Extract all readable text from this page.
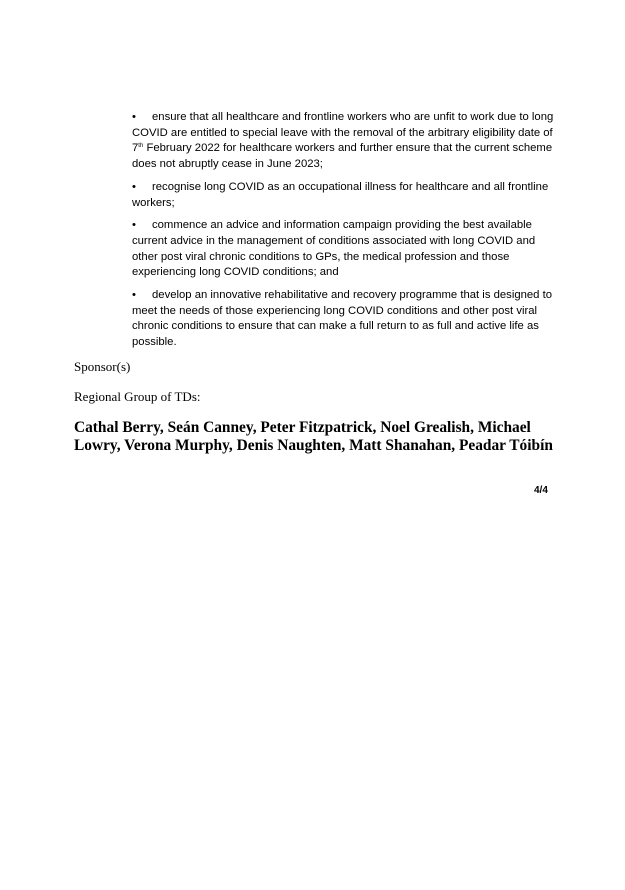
• ensure that all healthcare and frontline workers who are unfit to work due to long COVID are entitled to special leave with the removal of the arbitrary eligibility date of 7th February 2022 for healthcare workers and further ensure that the current scheme does not abruptly cease in June 2023;
• recognise long COVID as an occupational illness for healthcare and all frontline workers;
• commence an advice and information campaign providing the best available current advice in the management of conditions associated with long COVID and other post viral chronic conditions to GPs, the medical profession and those experiencing long COVID conditions; and
• develop an innovative rehabilitative and recovery programme that is designed to meet the needs of those experiencing long COVID conditions and other post viral chronic conditions to ensure that can make a full return to as full and active life as possible.

Sponsor(s)

Regional Group of TDs:

Cathal Berry, Seán Canney, Peter Fitzpatrick, Noel Grealish, Michael Lowry, Verona Murphy, Denis Naughten, Matt Shanahan, Peadar Tóibín

4/4
